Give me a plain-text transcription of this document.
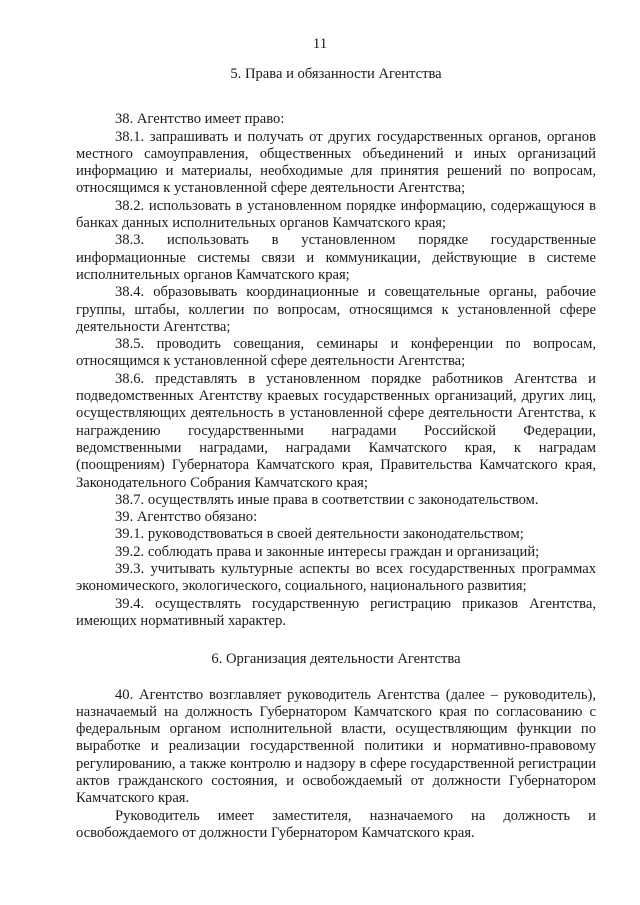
11
5. Права и обязанности Агентства

38. Агентство имеет право:

38.1. запрашивать и получать от других государственных органов, органов местного самоуправления, общественных объединений и иных организаций информацию и материалы, необходимые для принятия решений по вопросам, относящимся к установленной сфере деятельности Агентства;

38.2. использовать в установленном порядке информацию, содержащуюся в банках данных исполнительных органов Камчатского края;

38.3. использовать в установленном порядке государственные информационные системы связи и коммуникации, действующие в системе исполнительных органов Камчатского края;

38.4. образовывать координационные и совещательные органы, рабочие группы, штабы, коллегии по вопросам, относящимся к установленной сфере деятельности Агентства;

38.5. проводить совещания, семинары и конференции по вопросам, относящимся к установленной сфере деятельности Агентства;

38.6. представлять в установленном порядке работников Агентства и подведомственных Агентству краевых государственных организаций, других лиц, осуществляющих деятельность в установленной сфере деятельности Агентства, к награждению государственными наградами Российской Федерации, ведомственными наградами, наградами Камчатского края, к наградам (поощрениям) Губернатора Камчатского края, Правительства Камчатского края, Законодательного Собрания Камчатского края;

38.7. осуществлять иные права в соответствии с законодательством.

39. Агентство обязано:

39.1. руководствоваться в своей деятельности законодательством;

39.2. соблюдать права и законные интересы граждан и организаций;

39.3. учитывать культурные аспекты во всех государственных программах экономического, экологического, социального, национального развития;

39.4. осуществлять государственную регистрацию приказов Агентства, имеющих нормативный характер.

6. Организация деятельности Агентства

40. Агентство возглавляет руководитель Агентства (далее – руководитель), назначаемый на должность Губернатором Камчатского края по согласованию с федеральным органом исполнительной власти, осуществляющим функции по выработке и реализации государственной политики и нормативно-правовому регулированию, а также контролю и надзору в сфере государственной регистрации актов гражданского состояния, и освобождаемый от должности Губернатором Камчатского края.

Руководитель имеет заместителя, назначаемого на должность и освобождаемого от должности Губернатором Камчатского края.
